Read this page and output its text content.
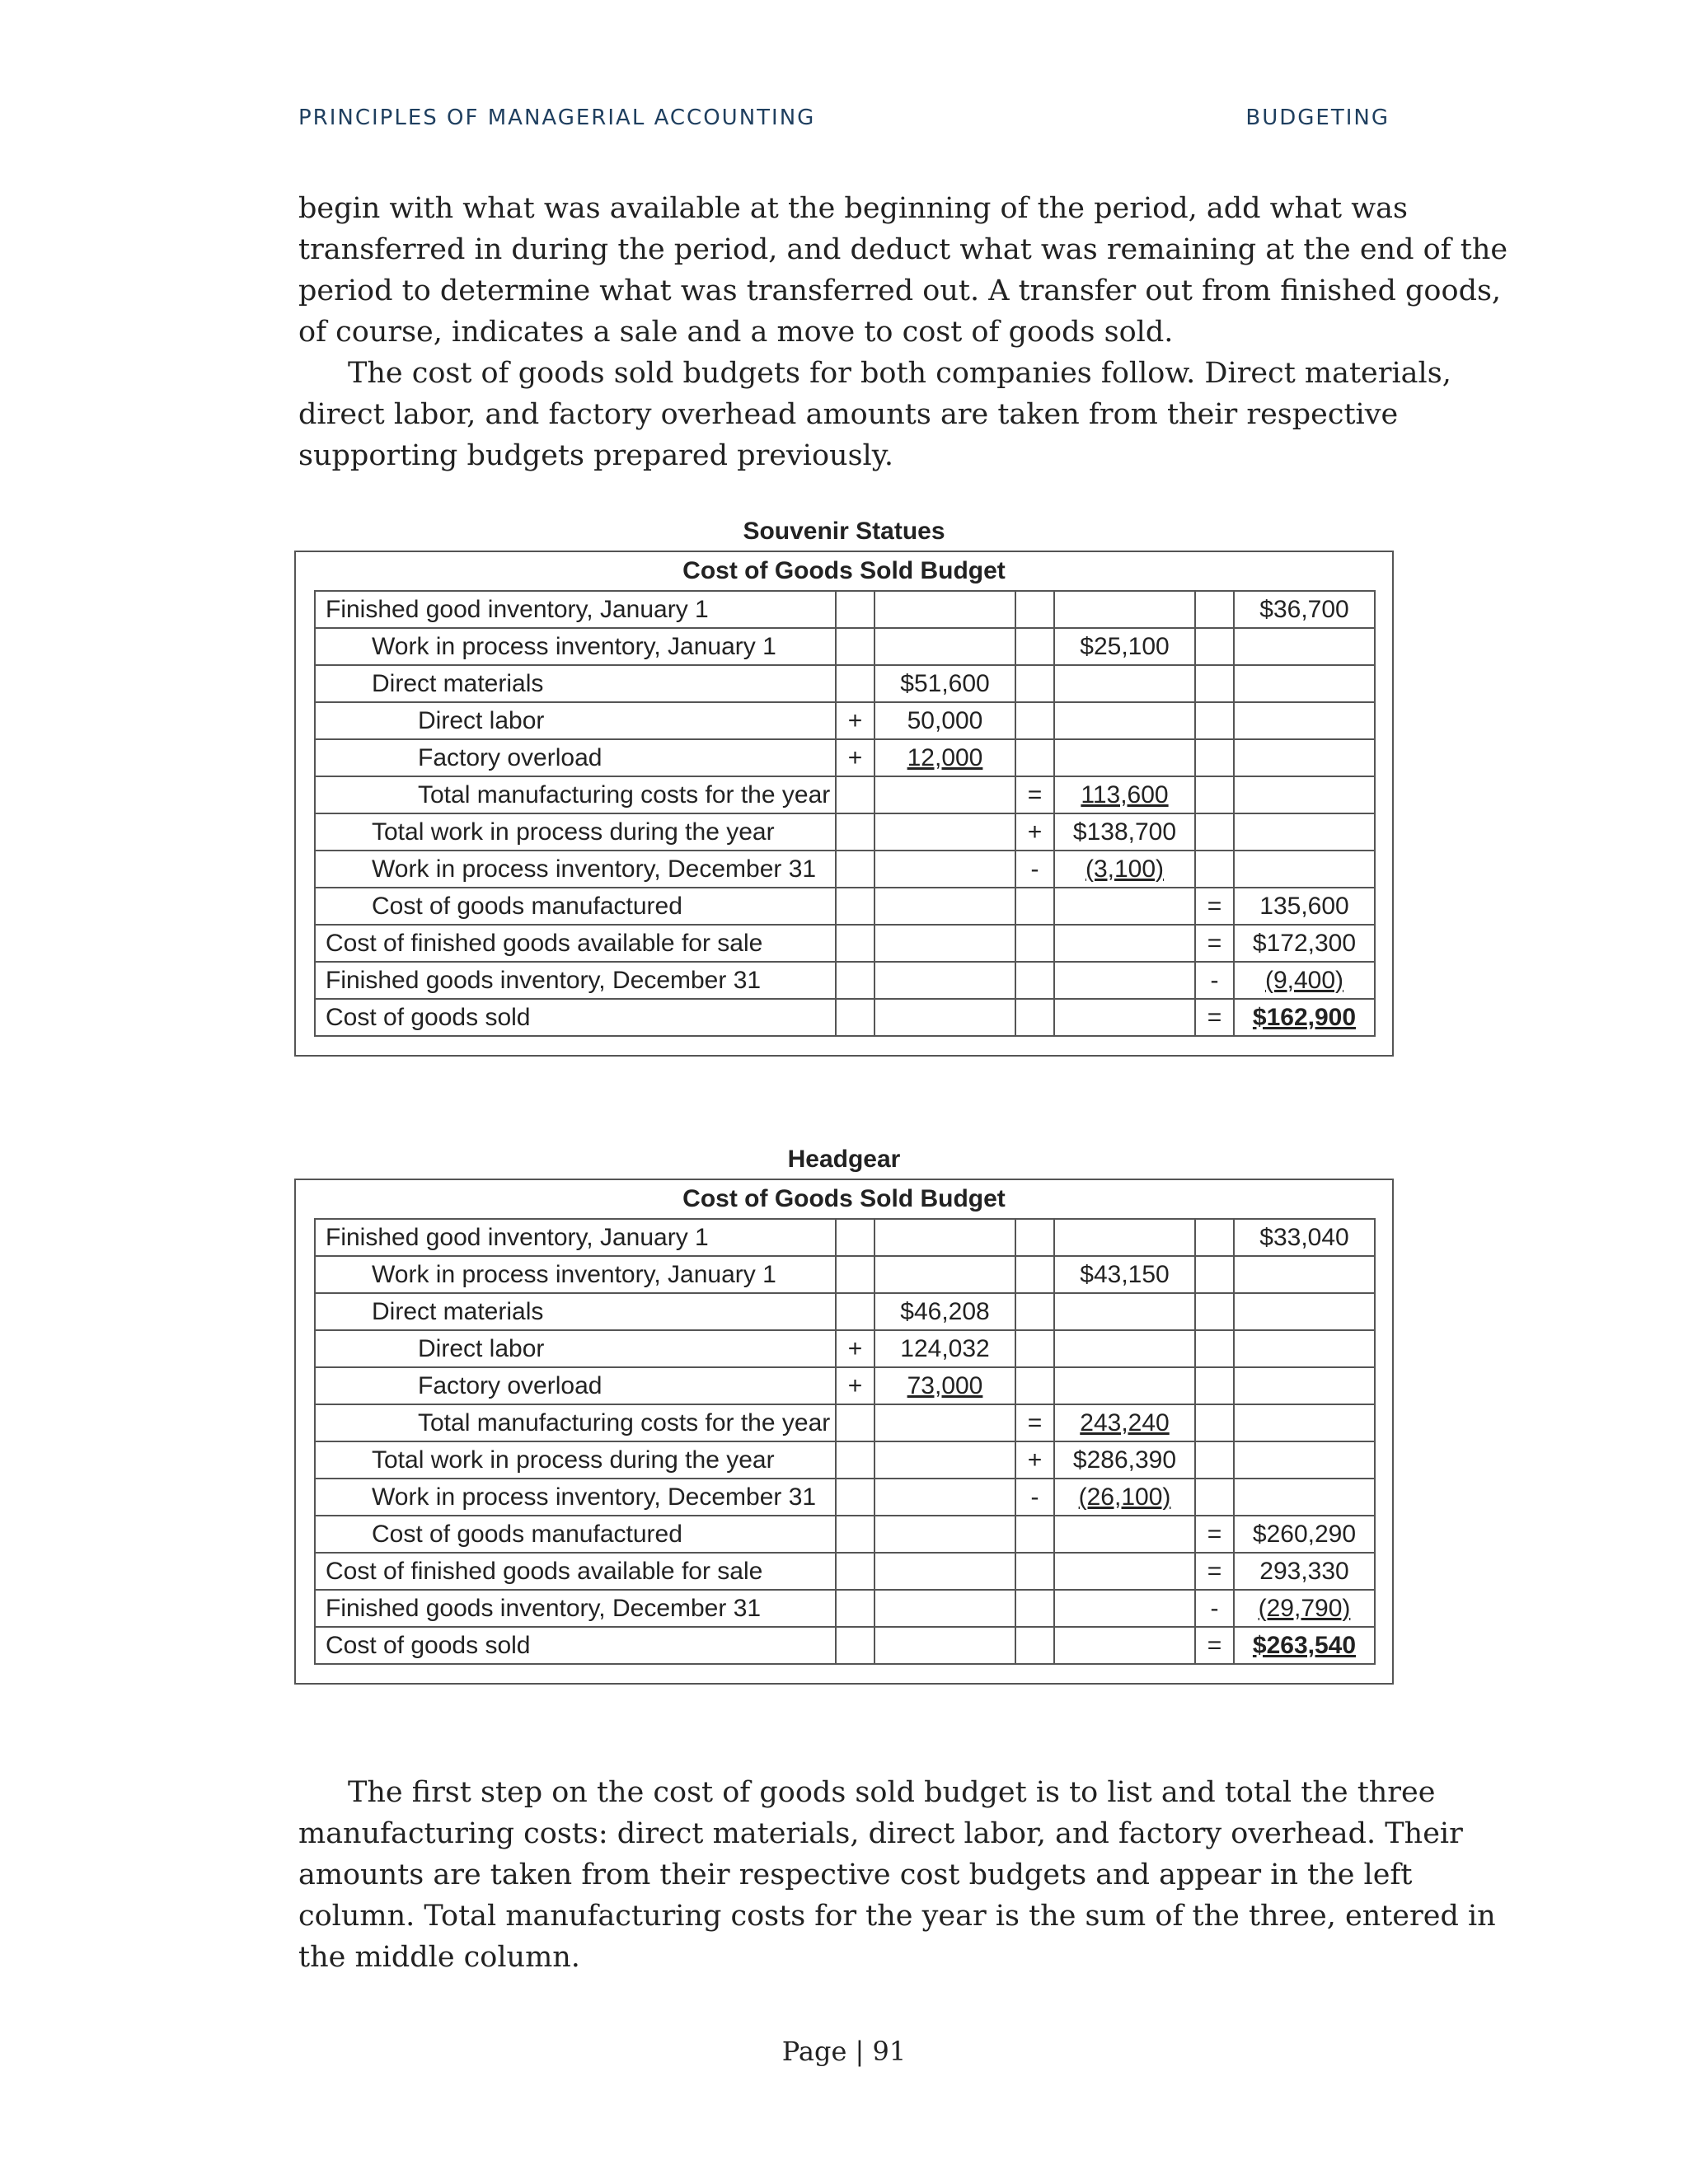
PRINCIPLES OF MANAGERIAL ACCOUNTING	BUDGETING
begin with what was available at the beginning of the period, add what was
transferred in during the period, and deduct what was remaining at the end of the
period to determine what was transferred out. A transfer out from finished goods,
of course, indicates a sale and a move to cost of goods sold.
The cost of goods sold budgets for both companies follow. Direct materials,
direct labor, and factory overhead amounts are taken from their respective
supporting budgets prepared previously.
Souvenir Statues
Cost of Goods Sold Budget
Finished good inventory, January 1						$36,700
Work in process inventory, January 1				$25,100		
Direct materials		$51,600				
Direct labor	+	50,000				
Factory overload	+	12,000				
Total manufacturing costs for the year			=	113,600		
Total work in process during the year			+	$138,700		
Work in process inventory, December 31			-	(3,100)		
Cost of goods manufactured					=	135,600
Cost of finished goods available for sale					=	$172,300
Finished goods inventory, December 31					-	(9,400)
Cost of goods sold					=	$162,900
Headgear
Cost of Goods Sold Budget
Finished good inventory, January 1						$33,040
Work in process inventory, January 1				$43,150		
Direct materials		$46,208				
Direct labor	+	124,032				
Factory overload	+	73,000				
Total manufacturing costs for the year			=	243,240		
Total work in process during the year			+	$286,390		
Work in process inventory, December 31			-	(26,100)		
Cost of goods manufactured					=	$260,290
Cost of finished goods available for sale					=	293,330
Finished goods inventory, December 31					-	(29,790)
Cost of goods sold					=	$263,540
The first step on the cost of goods sold budget is to list and total the three
manufacturing costs: direct materials, direct labor, and factory overhead. Their
amounts are taken from their respective cost budgets and appear in the left
column. Total manufacturing costs for the year is the sum of the three, entered in
the middle column.
Page | 91
